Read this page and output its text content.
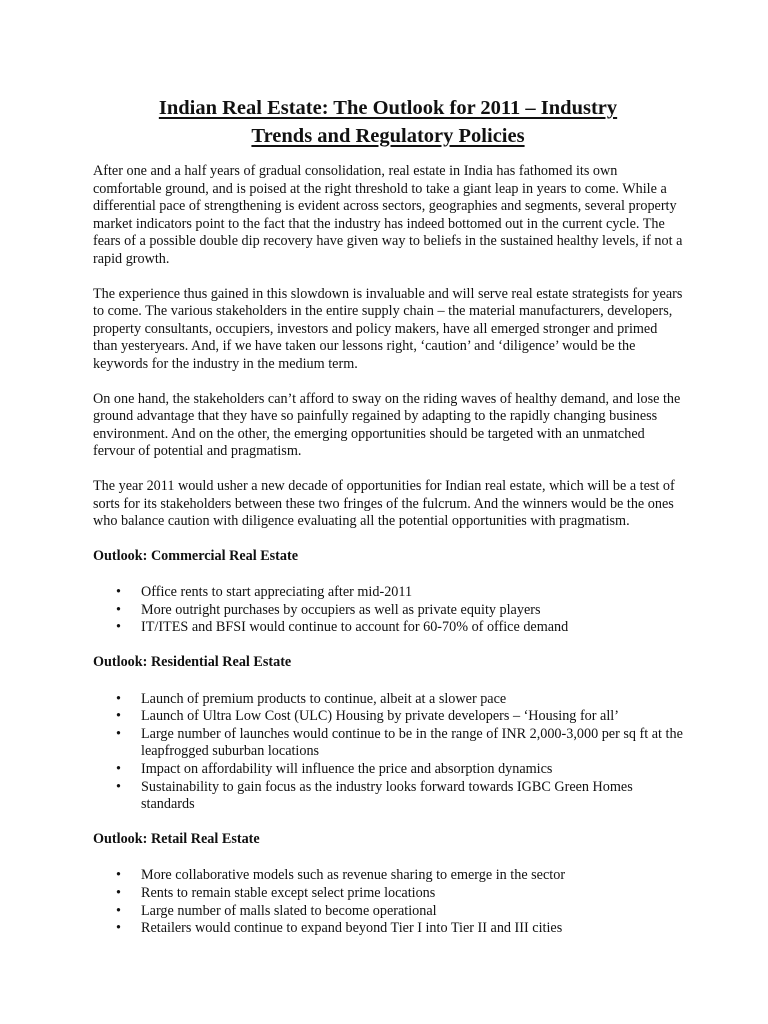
Indian Real Estate: The Outlook for 2011 – Industry
Trends and Regulatory Policies

After one and a half years of gradual consolidation, real estate in India has fathomed its own comfortable ground, and is poised at the right threshold to take a giant leap in years to come. While a differential pace of strengthening is evident across sectors, geographies and segments, several property market indicators point to the fact that the industry has indeed bottomed out in the current cycle. The fears of a possible double dip recovery have given way to beliefs in the sustained healthy levels, if not a rapid growth.

The experience thus gained in this slowdown is invaluable and will serve real estate strategists for years to come. The various stakeholders in the entire supply chain – the material manufacturers, developers, property consultants, occupiers, investors and policy makers, have all emerged stronger and primed than yesteryears. And, if we have taken our lessons right, ‘caution’ and ‘diligence’ would be the keywords for the industry in the medium term.

On one hand, the stakeholders can’t afford to sway on the riding waves of healthy demand, and lose the ground advantage that they have so painfully regained by adapting to the rapidly changing business environment. And on the other, the emerging opportunities should be targeted with an unmatched fervour of potential and pragmatism.

The year 2011 would usher a new decade of opportunities for Indian real estate, which will be a test of sorts for its stakeholders between these two fringes of the fulcrum. And the winners would be the ones who balance caution with diligence evaluating all the potential opportunities with pragmatism.

Outlook: Commercial Real Estate
• Office rents to start appreciating after mid-2011
• More outright purchases by occupiers as well as private equity players
• IT/ITES and BFSI would continue to account for 60-70% of office demand
Outlook: Residential Real Estate
• Launch of premium products to continue, albeit at a slower pace
• Launch of Ultra Low Cost (ULC) Housing by private developers – ‘Housing for all’
• Large number of launches would continue to be in the range of INR 2,000-3,000 per sq ft at the leapfrogged suburban locations
• Impact on affordability will influence the price and absorption dynamics
• Sustainability to gain focus as the industry looks forward towards IGBC Green Homes standards
Outlook: Retail Real Estate
• More collaborative models such as revenue sharing to emerge in the sector
• Rents to remain stable except select prime locations
• Large number of malls slated to become operational
• Retailers would continue to expand beyond Tier I into Tier II and III cities
